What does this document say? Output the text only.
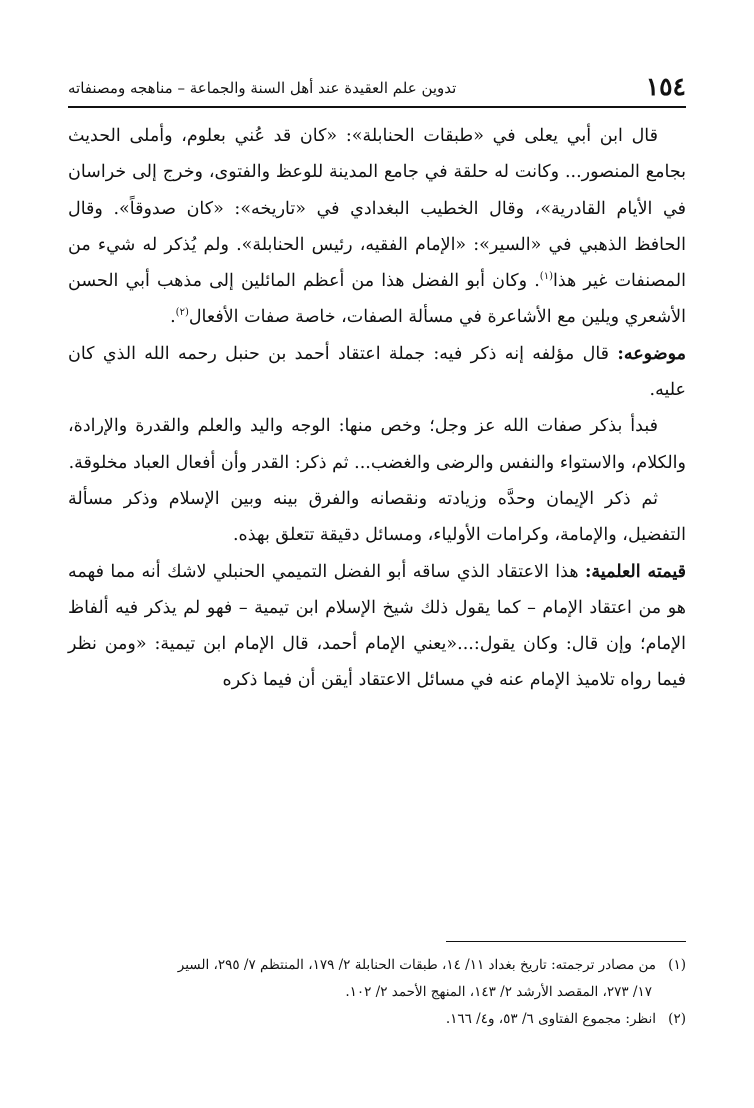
١٥٤
تدوين علم العقيدة عند أهل السنة والجماعة – مناهجه ومصنفاته

قال ابن أبي يعلى في «طبقات الحنابلة»: «كان قد عُني بعلوم، وأملى الحديث بجامع المنصور... وكانت له حلقة في جامع المدينة للوعظ والفتوى، وخرج إلى خراسان في الأيام القادرية»، وقال الخطيب البغدادي في «تاريخه»: «كان صدوقاً». وقال الحافظ الذهبي في «السير»: «الإمام الفقيه، رئيس الحنابلة». ولم يُذكر له شيء من المصنفات غير هذا$^{(١)}$. وكان أبو الفضل هذا من أعظم المائلين إلى مذهب أبي الحسن الأشعري ويلين مع الأشاعرة في مسألة الصفات، خاصة صفات الأفعال$^{(٢)}$.

موضوعه: قال مؤلفه إنه ذكر فيه: جملة اعتقاد أحمد بن حنبل رحمه الله الذي كان عليه.

فبدأ بذكر صفات الله عز وجل؛ وخص منها: الوجه واليد والعلم والقدرة والإرادة، والكلام، والاستواء والنفس والرضى والغضب... ثم ذكر: القدر وأن أفعال العباد مخلوقة.

ثم ذكر الإيمان وحدَّه وزيادته ونقصانه والفرق بينه وبين الإسلام وذكر مسألة التفضيل، والإمامة، وكرامات الأولياء، ومسائل دقيقة تتعلق بهذه.

قيمته العلمية: هذا الاعتقاد الذي ساقه أبو الفضل التميمي الحنبلي لاشك أنه مما فهمه هو من اعتقاد الإمام – كما يقول ذلك شيخ الإسلام ابن تيمية – فهو لم يذكر فيه ألفاظ الإمام؛ وإن قال: وكان يقول:...«يعني الإمام أحمد، قال الإمام ابن تيمية: «ومن نظر فيما رواه تلاميذ الإمام عنه في مسائل الاعتقاد أيقن أن فيما ذكره

(١)من مصادر ترجمته: تاريخ بغداد ١١/ ١٤، طبقات الحنابلة ٢/ ١٧٩، المنتظم ٧/ ٢٩٥، السير

١٧/ ٢٧٣، المقصد الأرشد ٢/ ١٤٣، المنهج الأحمد ٢/ ١٠٢.

(٢)انظر: مجموع الفتاوى ٦/ ٥٣، و٤/ ١٦٦.
